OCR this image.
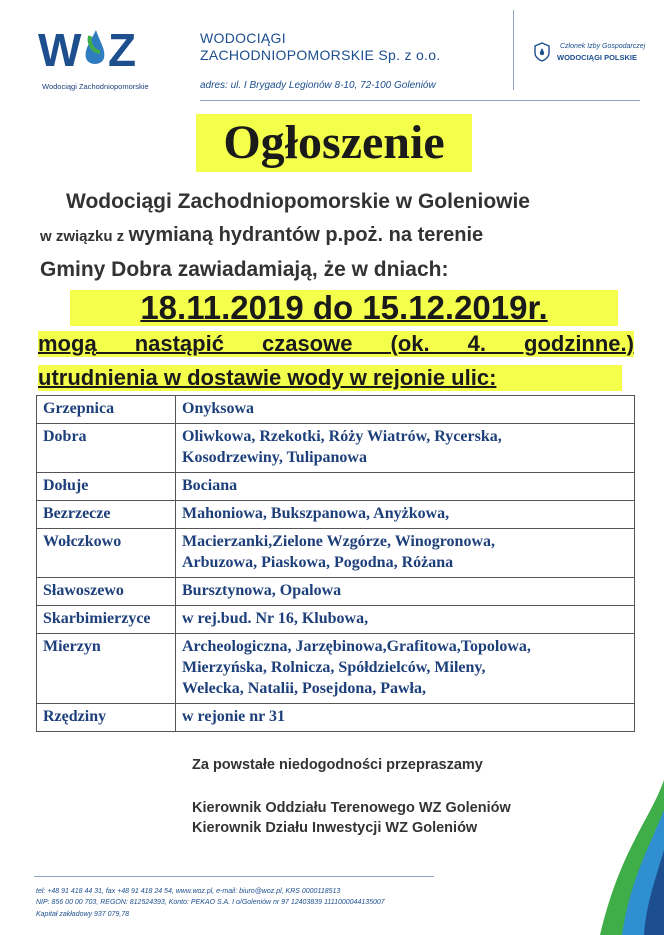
W Z
Wodociągi Zachodniopomorskie
WODOCIĄGI
ZACHODNIOPOMORSKIE Sp. z o.o.
adres: ul. I Brygady Legionów 8-10, 72-100 Goleniów
Członek Izby Gospodarczej
WODOCIĄGI POLSKIE
Ogłoszenie
Wodociągi Zachodniopomorskie w Goleniowie
w związku z wymianą hydrantów p.poż. na terenie
Gminy Dobra zawiadamiają, że w dniach:
18.11.2019 do 15.12.2019r.
mogą nastąpić czasowe (ok. 4. godzinne.)
utrudnienia w dostawie wody w rejonie ulic:
Grzepnica	Onyksowa

Dobra	Oliwkowa, Rzekotki, Róży Wiatrów, Rycerska,
Kosodrzewiny, Tulipanowa

Dołuje	Bociana

Bezrzecze	Mahoniowa, Bukszpanowa, Anyżkowa,

Wołczkowo	Macierzanki,Zielone Wzgórze, Winogronowa,
Arbuzowa, Piaskowa, Pogodna, Różana

Sławoszewo	Bursztynowa, Opalowa

Skarbimierzyce	w rej.bud. Nr 16, Klubowa,

Mierzyn	Archeologiczna, Jarzębinowa,Grafitowa,Topolowa,
Mierzyńska, Rolnicza, Spółdzielców, Mileny,
Welecka, Natalii, Posejdona, Pawła,

Rzędziny	w rejonie nr 31
Za powstałe niedogodności przepraszamy
Kierownik Oddziału Terenowego WZ Goleniów
Kierownik Działu Inwestycji WZ Goleniów
tel: +48 91 418 44 31, fax +48 91 418 24 54, www.woz.pl, e-mail: biuro@woz.pl, KRS 0000118513
NIP: 856 00 00 703, REGON: 812524393, Konto: PEKAO S.A. I o/Goleniów nr 97 12403839 1111000044135007
Kapitał zakładowy 937 079,78
